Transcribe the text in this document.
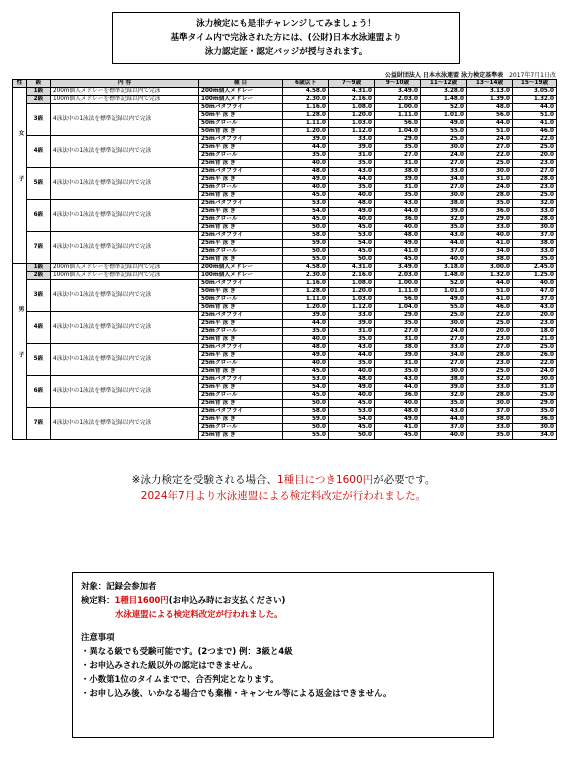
泳力検定にも是非チャレンジしてみましょう！
基準タイム内で完泳された方には、(公財)日本水泳連盟より
泳力認定証・認定バッジが授与されます。
公益財団法人 日本水泳連盟 泳力検定基準表 2017年7月1日改
性	級	内 容	種 目	6歳以下	7～9歳	9～10歳	11～12歳	13～14歳	15～19歳
女子	1級	200m個人メドレーを標準記録以内で完泳	200m個人メドレー	4.58.0	4.31.0	3.49.0	3.28.0	3.13.0	3.05.0
	2級	100m個人メドレーを標準記録以内で完泳	100m個人メドレー	2.30.0	2.16.0	2.03.0	1.48.0	1.39.0	1.32.0
	3級	4泳法中の1泳法を標準記録以内で完泳	50mバタフライ	1.16.0	1.08.0	1.00.0	52.0	48.0	44.0
			50m平 泳 ぎ	1.28.0	1.20.0	1.11.0	1.01.0	56.0	51.0
			50mクロール	1.11.0	1.03.0	56.0	49.0	44.0	41.0
			50m背 泳 ぎ	1.20.0	1.12.0	1.04.0	55.0	51.0	46.0
	4級	4泳法中の1泳法を標準記録以内で完泳	25mバタフライ	39.0	33.0	29.0	25.0	24.0	22.0
			25m平 泳 ぎ	44.0	39.0	35.0	30.0	27.0	25.0
			25mクロール	35.0	31.0	27.0	24.0	22.0	20.0
			25m背 泳 ぎ	40.0	35.0	31.0	27.0	25.0	23.0
	5級	4泳法中の1泳法を標準記録以内で完泳	25mバタフライ	48.0	43.0	38.0	33.0	30.0	27.0
			25m平 泳 ぎ	49.0	44.0	39.0	34.0	31.0	28.0
			25mクロール	40.0	35.0	31.0	27.0	24.0	23.0
			25m背 泳 ぎ	45.0	40.0	35.0	30.0	28.0	25.0
	6級	4泳法中の1泳法を標準記録以内で完泳	25mバタフライ	53.0	48.0	43.0	38.0	35.0	32.0
			25m平 泳 ぎ	54.0	49.0	44.0	39.0	36.0	33.0
			25mクロール	45.0	40.0	36.0	32.0	29.0	28.0
			25m背 泳 ぎ	50.0	45.0	40.0	35.0	33.0	30.0
	7級	4泳法中の1泳法を標準記録以内で完泳	25mバタフライ	58.0	53.0	48.0	43.0	40.0	37.0
			25m平 泳 ぎ	59.0	54.0	49.0	44.0	41.0	38.0
			25mクロール	50.0	45.0	41.0	37.0	34.0	33.0
			25m背 泳 ぎ	55.0	50.0	45.0	40.0	38.0	35.0
男子	1級	200m個人メドレーを標準記録以内で完泳	200m個人メドレー	4.58.0	4.31.0	3.49.0	3.18.0	3.00.0	2.45.0
	2級	100m個人メドレーを標準記録以内で完泳	100m個人メドレー	2.30.0	2.16.0	2.03.0	1.48.0	1.32.0	1.25.0
	3級	4泳法中の1泳法を標準記録以内で完泳	50mバタフライ	1.16.0	1.08.0	1.00.0	52.0	44.0	40.0
			50m平 泳 ぎ	1.28.0	1.20.0	1.11.0	1.01.0	51.0	47.0
			50mクロール	1.11.0	1.03.0	56.0	49.0	41.0	37.0
			50m背 泳 ぎ	1.20.0	1.12.0	1.04.0	55.0	46.0	43.0
	4級	4泳法中の1泳法を標準記録以内で完泳	25mバタフライ	39.0	33.0	29.0	25.0	22.0	20.0
			25m平 泳 ぎ	44.0	39.0	35.0	30.0	25.0	23.0
			25mクロール	35.0	31.0	27.0	24.0	20.0	18.0
			25m背 泳 ぎ	40.0	35.0	31.0	27.0	23.0	21.0
	5級	4泳法中の1泳法を標準記録以内で完泳	25mバタフライ	48.0	43.0	38.0	33.0	27.0	25.0
			25m平 泳 ぎ	49.0	44.0	39.0	34.0	28.0	26.0
			25mクロール	40.0	35.0	31.0	27.0	23.0	22.0
			25m背 泳 ぎ	45.0	40.0	35.0	30.0	25.0	24.0
	6級	4泳法中の1泳法を標準記録以内で完泳	25mバタフライ	53.0	48.0	43.0	38.0	32.0	30.0
			25m平 泳 ぎ	54.0	49.0	44.0	39.0	33.0	31.0
			25mクロール	45.0	40.0	36.0	32.0	28.0	25.0
			25m背 泳 ぎ	50.0	45.0	40.0	35.0	30.0	29.0
	7級	4泳法中の1泳法を標準記録以内で完泳	25mバタフライ	58.0	53.0	48.0	43.0	37.0	35.0
			25m平 泳 ぎ	59.0	54.0	49.0	44.0	38.0	36.0
			25mクロール	50.0	45.0	41.0	37.0	33.0	30.0
			25m背 泳 ぎ	55.0	50.0	45.0	40.0	35.0	34.0
※泳力検定を受験される場合、1種目につき1600円が必要です。
2024年7月より水泳連盟による検定料改定が行われました。
対象：記録会参加者
検定料：1種目1600円(お申込み時にお支払ください)
水泳連盟による検定料改定が行われました。
注意事項
・異なる級でも受験可能です。(2つまで) 例：3級と4級
・お申込みされた級以外の認定はできません。
・小数第1位のタイムまでで、合否判定となります。
・お申し込み後、いかなる場合でも棄権・キャンセル等による返金はできません。
